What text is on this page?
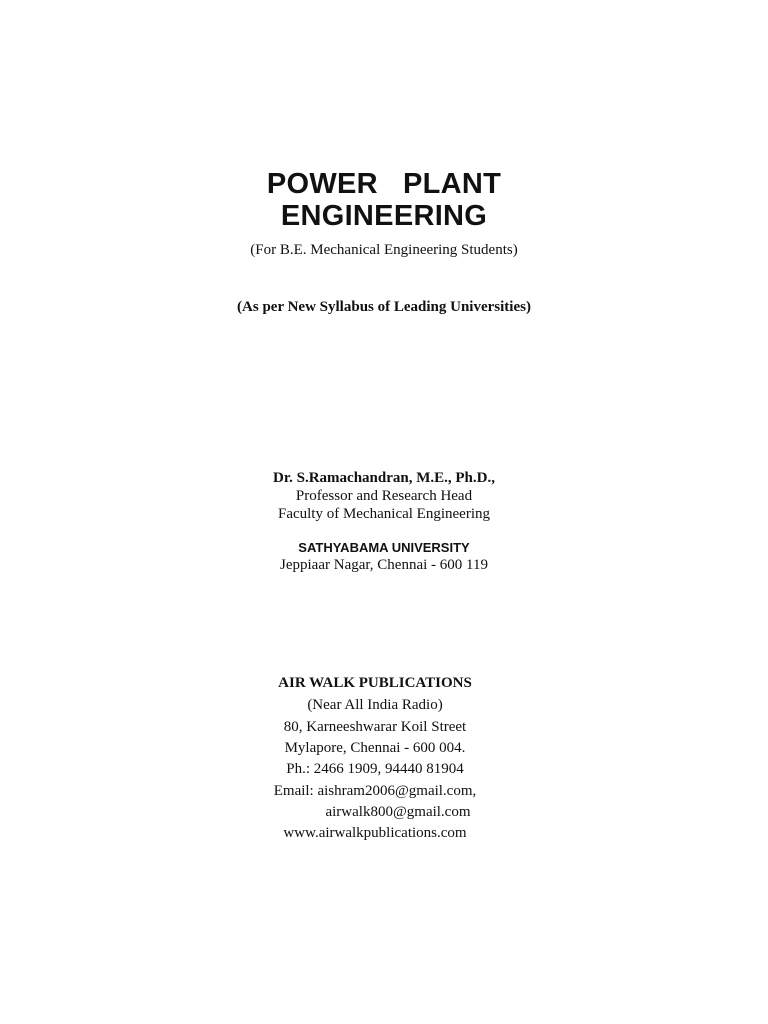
POWER   PLANT
ENGINEERING
(For B.E. Mechanical Engineering Students)
(As per New Syllabus of Leading Universities)
Dr. S.Ramachandran, M.E., Ph.D.,
Professor and Research Head
Faculty of Mechanical Engineering
SATHYABAMA UNIVERSITY
Jeppiaar Nagar, Chennai - 600 119
AIR WALK PUBLICATIONS
(Near All India Radio)
80, Karneeshwarar Koil Street
Mylapore, Chennai - 600 004.
Ph.: 2466 1909, 94440 81904
Email: aishram2006@gmail.com,
airwalk800@gmail.com
www.airwalkpublications.com
